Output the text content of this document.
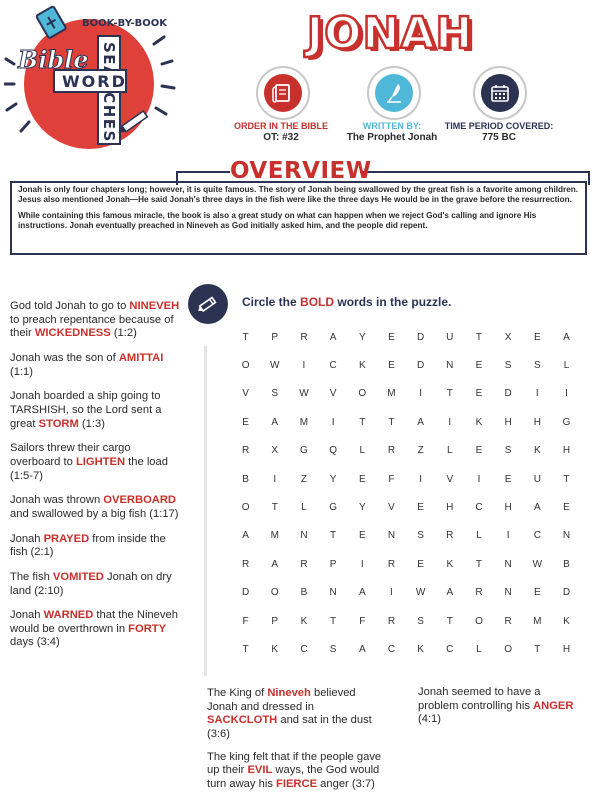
BOOK-BY-BOOK
WORD
Bible
JONAH
ORDER IN THE BIBLE
OT: #32
WRITTEN BY:
The Prophet Jonah
TIME PERIOD COVERED:
775 BC
OVERVIEW

Jonah is only four chapters long; however, it is quite famous. The story of Jonah being swallowed by the great fish is a favorite among children. Jesus also mentioned Jonah—He said Jonah's three days in the fish were like the three days He would be in the grave before the resurrection.

While containing this famous miracle, the book is also a great study on what can happen when we reject God's calling and ignore His instructions. Jonah eventually preached in Nineveh as God initially asked him, and the people did repent.

God told Jonah to go to NINEVEH to preach repentance because of their WICKEDNESS (1:2)
Jonah was the son of AMITTAI (1:1)
Jonah boarded a ship going to TARSHISH, so the Lord sent a great STORM (1:3)
Sailors threw their cargo overboard to LIGHTEN the load (1:5-7)
Jonah was thrown OVERBOARD and swallowed by a big fish (1:17)
Jonah PRAYED from inside the fish (2:1)
The fish VOMITED Jonah on dry land (2:10)
Jonah WARNED that the Nineveh would be overthrown in FORTY days (3:4)
Circle the BOLD words in the puzzle.
T	P	R	A	Y	E	D	U	T	X	E	A
O	W	I	C	K	E	D	N	E	S	S	L
V	S	W	V	O	M	I	T	E	D	I	I
E	A	M	I	T	T	A	I	K	H	H	G
R	X	G	Q	L	R	Z	L	E	S	K	H
B	I	Z	Y	E	F	I	V	I	E	U	T
O	T	L	G	Y	V	E	H	C	H	A	E
A	M	N	T	E	N	S	R	L	I	C	N
R	A	R	P	I	R	E	K	T	N	W	B
D	O	B	N	A	I	W	A	R	N	E	D
F	P	K	T	F	R	S	T	O	R	M	K
T	K	C	S	A	C	K	C	L	O	T	H
The King of Nineveh believed Jonah and dressed in SACKCLOTH and sat in the dust (3:6)
The king felt that if the people gave up their EVIL ways, the God would turn away his FIERCE anger (3:7)
Jonah seemed to have a problem controlling his ANGER (4:1)
